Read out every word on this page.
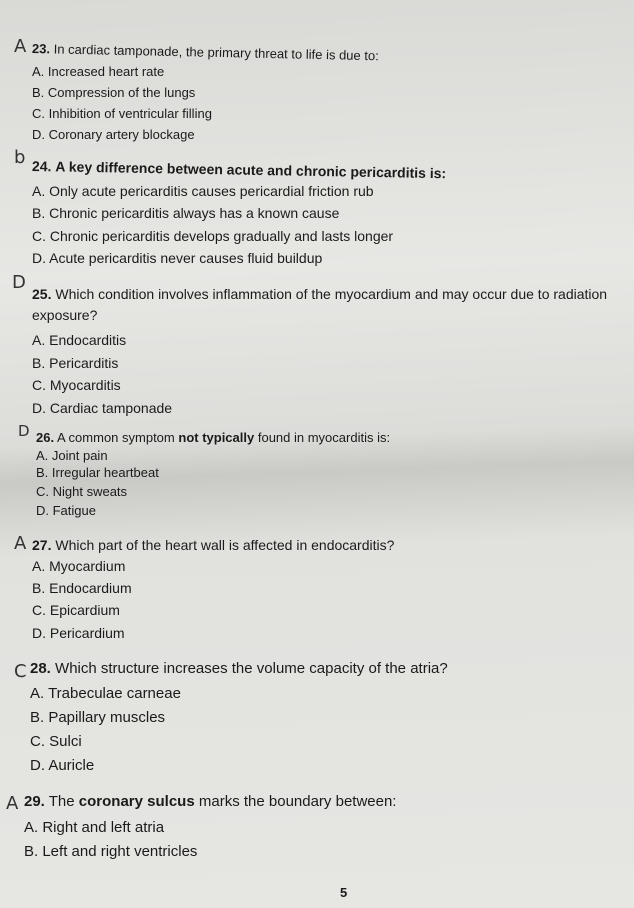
A 23. In cardiac tamponade, the primary threat to life is due to:
A. Increased heart rate
B. Compression of the lungs
C. Inhibition of ventricular filling
D. Coronary artery blockage
b 24. A key difference between acute and chronic pericarditis is:
A. Only acute pericarditis causes pericardial friction rub
B. Chronic pericarditis always has a known cause
C. Chronic pericarditis develops gradually and lasts longer
D. Acute pericarditis never causes fluid buildup
D
25. Which condition involves inflammation of the myocardium and may occur due to radiation
exposure?
A. Endocarditis
B. Pericarditis
C. Myocarditis
D. Cardiac tamponade
D 26. A common symptom not typically found in myocarditis is:
A. Joint pain
B. Irregular heartbeat
C. Night sweats
D. Fatigue
A 27. Which part of the heart wall is affected in endocarditis?
A. Myocardium
B. Endocardium
C. Epicardium
D. Pericardium
C 28. Which structure increases the volume capacity of the atria?
A. Trabeculae carneae
B. Papillary muscles
C. Sulci
D. Auricle
A 29. The coronary sulcus marks the boundary between:
A. Right and left atria
B. Left and right ventricles
5
